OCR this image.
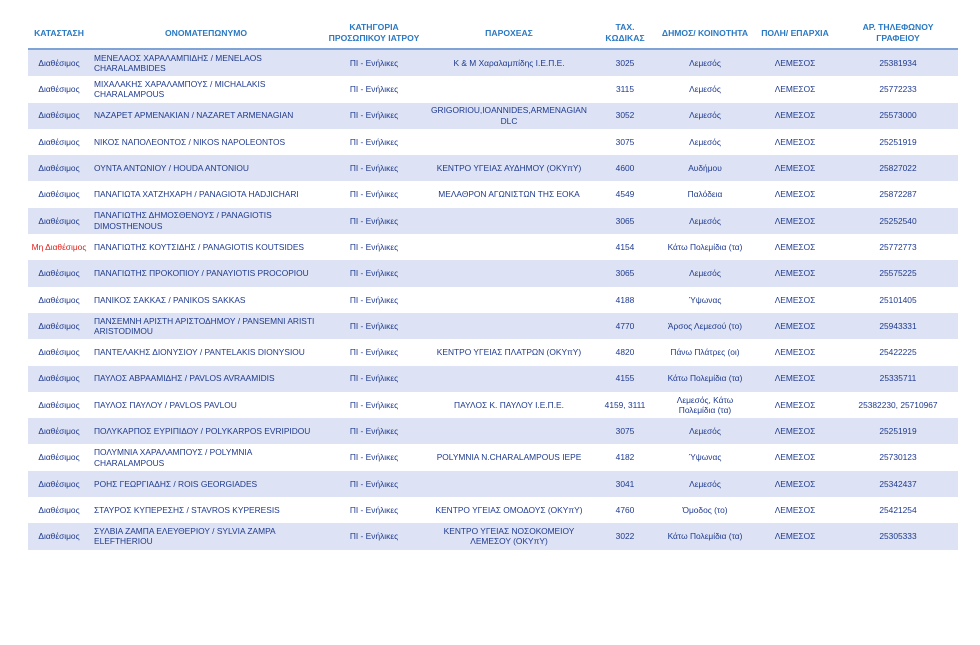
ΚΑΤΑΣΤΑΣΗ	ΟΝΟΜΑΤΕΠΩΝΥΜΟ	ΚΑΤΗΓΟΡΙΑ ΠΡΟΣΩΠΙΚΟΥ ΙΑΤΡΟΥ	ΠΑΡΟΧΕΑΣ	ΤΑΧ. ΚΩΔΙΚΑΣ	ΔΗΜΟΣ/ ΚΟΙΝΟΤΗΤΑ	ΠΟΛΗ/ ΕΠΑΡΧΙΑ	ΑΡ. ΤΗΛΕΦΩΝΟΥ ΓΡΑΦΕΙΟΥ
Διαθέσιμος	ΜΕΝΕΛΑΟΣ ΧΑΡΑΛΑΜΠΙΔΗΣ / MENELAOS CHARALAMBIDES	ΠΙ - Ενήλικες	Κ & Μ Χαραλαμπίδης Ι.Ε.Π.Ε.	3025	Λεμεσός	ΛΕΜΕΣΟΣ	25381934
Διαθέσιμος	ΜΙΧΑΛΑΚΗΣ ΧΑΡΑΛΑΜΠΟΥΣ / MICHALAKIS CHARALAMPOUS	ΠΙ - Ενήλικες		3115	Λεμεσός	ΛΕΜΕΣΟΣ	25772233
Διαθέσιμος	ΝΑΖΑΡΕΤ ΑΡΜΕΝΑΚΙΑΝ / NAZARET ARMENAGIAN	ΠΙ - Ενήλικες	GRIGORIOU,IOANNIDES,ARMENAGIAN DLC	3052	Λεμεσός	ΛΕΜΕΣΟΣ	25573000
Διαθέσιμος	ΝΙΚΟΣ ΝΑΠΟΛΕΟΝΤΟΣ / NIKOS NAPOLEONTOS	ΠΙ - Ενήλικες		3075	Λεμεσός	ΛΕΜΕΣΟΣ	25251919
Διαθέσιμος	ΟΥΝΤΑ ΑΝΤΩΝΙΟΥ / HOUDA ANTONIOU	ΠΙ - Ενήλικες	ΚΕΝΤΡΟ ΥΓΕΙΑΣ ΑΥΔΗΜΟΥ (ΟΚΥπΥ)	4600	Αυδήμου	ΛΕΜΕΣΟΣ	25827022
Διαθέσιμος	ΠΑΝΑΓΙΩΤΑ ΧΑΤΖΗΧΑΡΗ / PANAGIOTA HADJICHARI	ΠΙ - Ενήλικες	ΜΕΛΑΘΡΟΝ ΑΓΩΝΙΣΤΩΝ ΤΗΣ ΕΟΚΑ	4549	Παλόδεια	ΛΕΜΕΣΟΣ	25872287
Διαθέσιμος	ΠΑΝΑΓΙΩΤΗΣ ΔΗΜΟΣΘΕΝΟΥΣ / PANAGIOTIS DIMOSTHENOUS	ΠΙ - Ενήλικες		3065	Λεμεσός	ΛΕΜΕΣΟΣ	25252540
Μη Διαθέσιμος	ΠΑΝΑΓΙΩΤΗΣ ΚΟΥΤΣΙΔΗΣ / PANAGIOTIS KOUTSIDES	ΠΙ - Ενήλικες		4154	Κάτω Πολεμίδια (τα)	ΛΕΜΕΣΟΣ	25772773
Διαθέσιμος	ΠΑΝΑΓΙΩΤΗΣ ΠΡΟΚΟΠΙΟΥ / PANAYIOTIS PROCOPIOU	ΠΙ - Ενήλικες		3065	Λεμεσός	ΛΕΜΕΣΟΣ	25575225
Διαθέσιμος	ΠΑΝΙΚΟΣ ΣΑΚΚΑΣ / PANIKOS SAKKAS	ΠΙ - Ενήλικες		4188	Ύψωνας	ΛΕΜΕΣΟΣ	25101405
Διαθέσιμος	ΠΑΝΣΕΜΝΗ ΑΡΙΣΤΗ ΑΡΙΣΤΟΔΗΜΟΥ / PANSEMNI ARISTI ARISTODIMOU	ΠΙ - Ενήλικες		4770	Άρσος Λεμεσού (το)	ΛΕΜΕΣΟΣ	25943331
Διαθέσιμος	ΠΑΝΤΕΛΑΚΗΣ ΔΙΟΝΥΣΙΟΥ / PANTELAKIS DIONYSIOU	ΠΙ - Ενήλικες	ΚΕΝΤΡΟ ΥΓΕΙΑΣ ΠΛΑΤΡΩΝ (ΟΚΥπΥ)	4820	Πάνω Πλάτρες (οι)	ΛΕΜΕΣΟΣ	25422225
Διαθέσιμος	ΠΑΥΛΟΣ ΑΒΡΑΑΜΙΔΗΣ / PAVLOS AVRAAMIDIS	ΠΙ - Ενήλικες		4155	Κάτω Πολεμίδια (τα)	ΛΕΜΕΣΟΣ	25335711
Διαθέσιμος	ΠΑΥΛΟΣ ΠΑΥΛΟΥ / PAVLOS PAVLOU	ΠΙ - Ενήλικες	ΠΑΥΛΟΣ Κ. ΠΑΥΛΟΥ Ι.Ε.Π.Ε.	4159, 3111	Λεμεσός, Κάτω Πολεμίδια (τα)	ΛΕΜΕΣΟΣ	25382230, 25710967
Διαθέσιμος	ΠΟΛΥΚΑΡΠΟΣ ΕΥΡΙΠΙΔΟΥ / POLYKARPOS EVRIPIDOU	ΠΙ - Ενήλικες		3075	Λεμεσός	ΛΕΜΕΣΟΣ	25251919
Διαθέσιμος	ΠΟΛΥΜΝΙΑ ΧΑΡΑΛΑΜΠΟΥΣ / POLYMNIA CHARALAMPOUS	ΠΙ - Ενήλικες	POLYMNIA N.CHARALAMPOUS IEPE	4182	Ύψωνας	ΛΕΜΕΣΟΣ	25730123
Διαθέσιμος	ΡΟΗΣ ΓΕΩΡΓΙΑΔΗΣ / ROIS GEORGIADES	ΠΙ - Ενήλικες		3041	Λεμεσός	ΛΕΜΕΣΟΣ	25342437
Διαθέσιμος	ΣΤΑΥΡΟΣ ΚΥΠΕΡΕΣΗΣ / STAVROS KYPERESIS	ΠΙ - Ενήλικες	ΚΕΝΤΡΟ ΥΓΕΙΑΣ ΟΜΟΔΟΥΣ (ΟΚΥπΥ)	4760	Όμοδος (το)	ΛΕΜΕΣΟΣ	25421254
Διαθέσιμος	ΣΥΛΒΙΑ ΖΑΜΠΑ ΕΛΕΥΘΕΡΙΟΥ / SYLVIA ZAMPA ELEFTHERIOU	ΠΙ - Ενήλικες	ΚΕΝΤΡΟ ΥΓΕΙΑΣ ΝΟΣΟΚΟΜΕΙΟΥ ΛΕΜΕΣΟΥ (ΟΚΥπΥ)	3022	Κάτω Πολεμίδια (τα)	ΛΕΜΕΣΟΣ	25305333
